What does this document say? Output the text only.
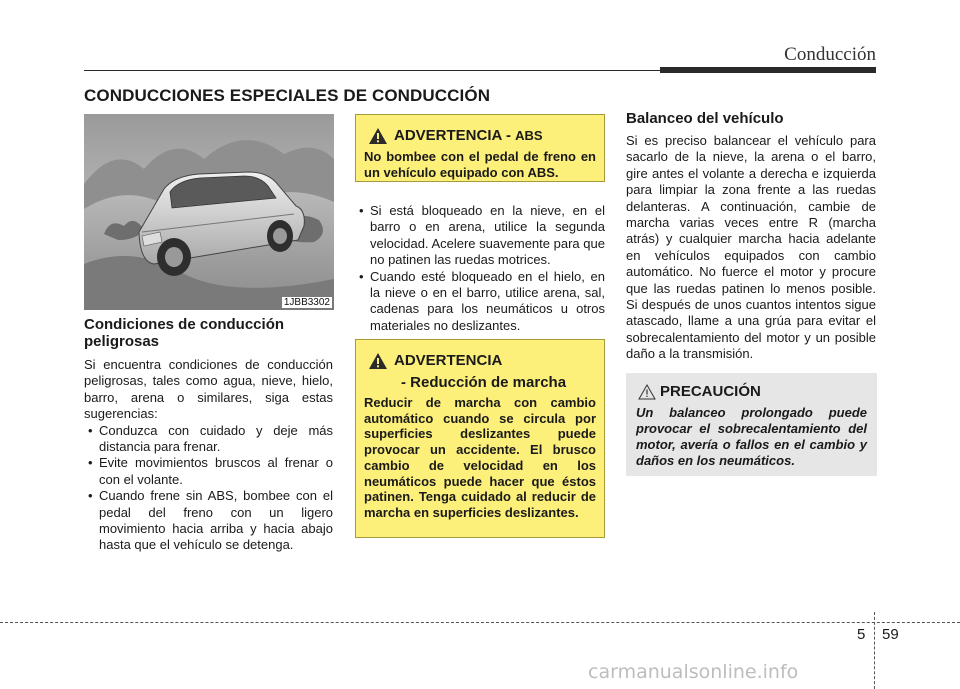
Conducción
CONDUCCIONES ESPECIALES DE CONDUCCIÓN
1JBB3302
Condiciones de conducción peligrosas

Si encuentra condiciones de conducción peligrosas, tales como agua, nieve, hielo, barro, arena o similares, siga estas sugerencias:

• Conduzca con cuidado y deje más distancia para frenar.
• Evite movimientos bruscos al frenar o con el volante.
• Cuando frene sin ABS, bombee con el pedal del freno con un ligero movimiento hacia arriba y hacia abajo hasta que el vehículo se detenga.
ADVERTENCIA - ABS
No bombee con el pedal de freno en un vehículo equipado con ABS.
• Si está bloqueado en la nieve, en el barro o en arena, utilice la segunda velocidad. Acelere suavemente para que no patinen las ruedas motrices.
• Cuando esté bloqueado en el hielo, en la nieve o en el barro, utilice arena, sal, cadenas para los neumáticos u otros materiales no deslizantes.
ADVERTENCIA
- Reducción de marcha
Reducir de marcha con cambio automático cuando se circula por superficies deslizantes puede provocar un accidente. El brusco cambio de velocidad en los neumáticos puede hacer que éstos patinen. Tenga cuidado al reducir de marcha en superficies deslizantes.
Balanceo del vehículo

Si es preciso balancear el vehículo para sacarlo de la nieve, la arena o el barro, gire antes el volante a derecha e izquierda para limpiar la zona frente a las ruedas delanteras. A continuación, cambie de marcha varias veces entre R (marcha atrás) y cualquier marcha hacia adelante en vehículos equipados con cambio automático. No fuerce el motor y procure que las ruedas patinen lo menos posible. Si después de unos cuantos intentos sigue atascado, llame a una grúa para evitar el sobrecalentamiento del motor y un posible daño a la transmisión.

PRECAUCIÓN
Un balanceo prolongado puede provocar el sobrecalentamiento del motor, avería o fallos en el cambio y daños en los neumáticos.
5 59
carmanualsonline.info
